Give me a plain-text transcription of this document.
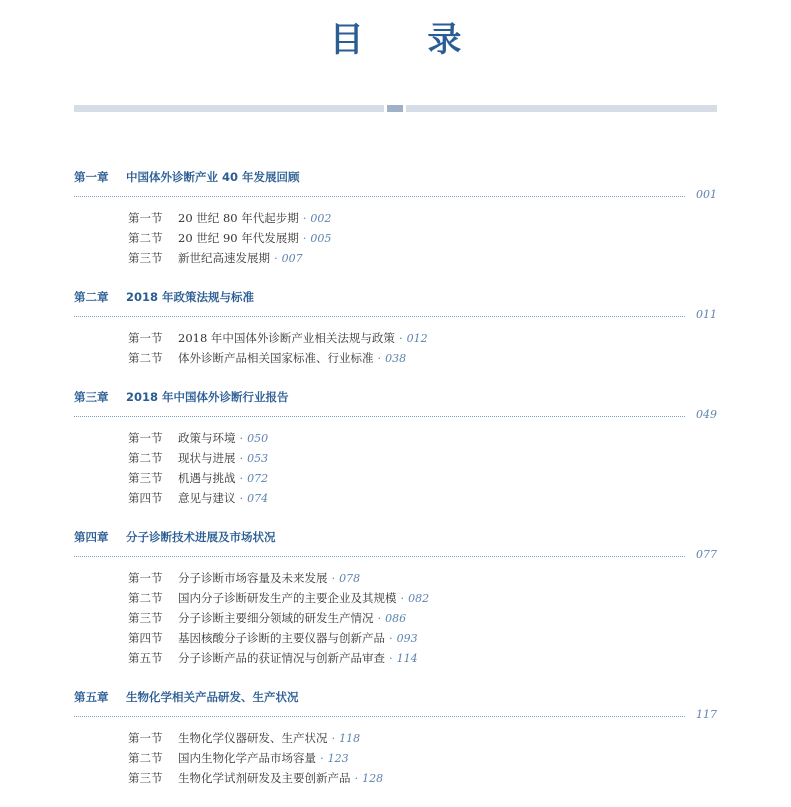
目 录
第一章 中国体外诊断产业 40 年发展回顾
001
第一节 20 世纪 80 年代起步期 · 002
第二节 20 世纪 90 年代发展期 · 005
第三节 新世纪高速发展期 · 007
第二章 2018 年政策法规与标准
011
第一节 2018 年中国体外诊断产业相关法规与政策 · 012
第二节 体外诊断产品相关国家标准、行业标准 · 038
第三章 2018 年中国体外诊断行业报告
049
第一节 政策与环境 · 050
第二节 现状与进展 · 053
第三节 机遇与挑战 · 072
第四节 意见与建议 · 074
第四章 分子诊断技术进展及市场状况
077
第一节 分子诊断市场容量及未来发展 · 078
第二节 国内分子诊断研发生产的主要企业及其规模 · 082
第三节 分子诊断主要细分领域的研发生产情况 · 086
第四节 基因核酸分子诊断的主要仪器与创新产品 · 093
第五节 分子诊断产品的获证情况与创新产品审查 · 114
第五章 生物化学相关产品研发、生产状况
117
第一节 生物化学仪器研发、生产状况 · 118
第二节 国内生物化学产品市场容量 · 123
第三节 生物化学试剂研发及主要创新产品 · 128
